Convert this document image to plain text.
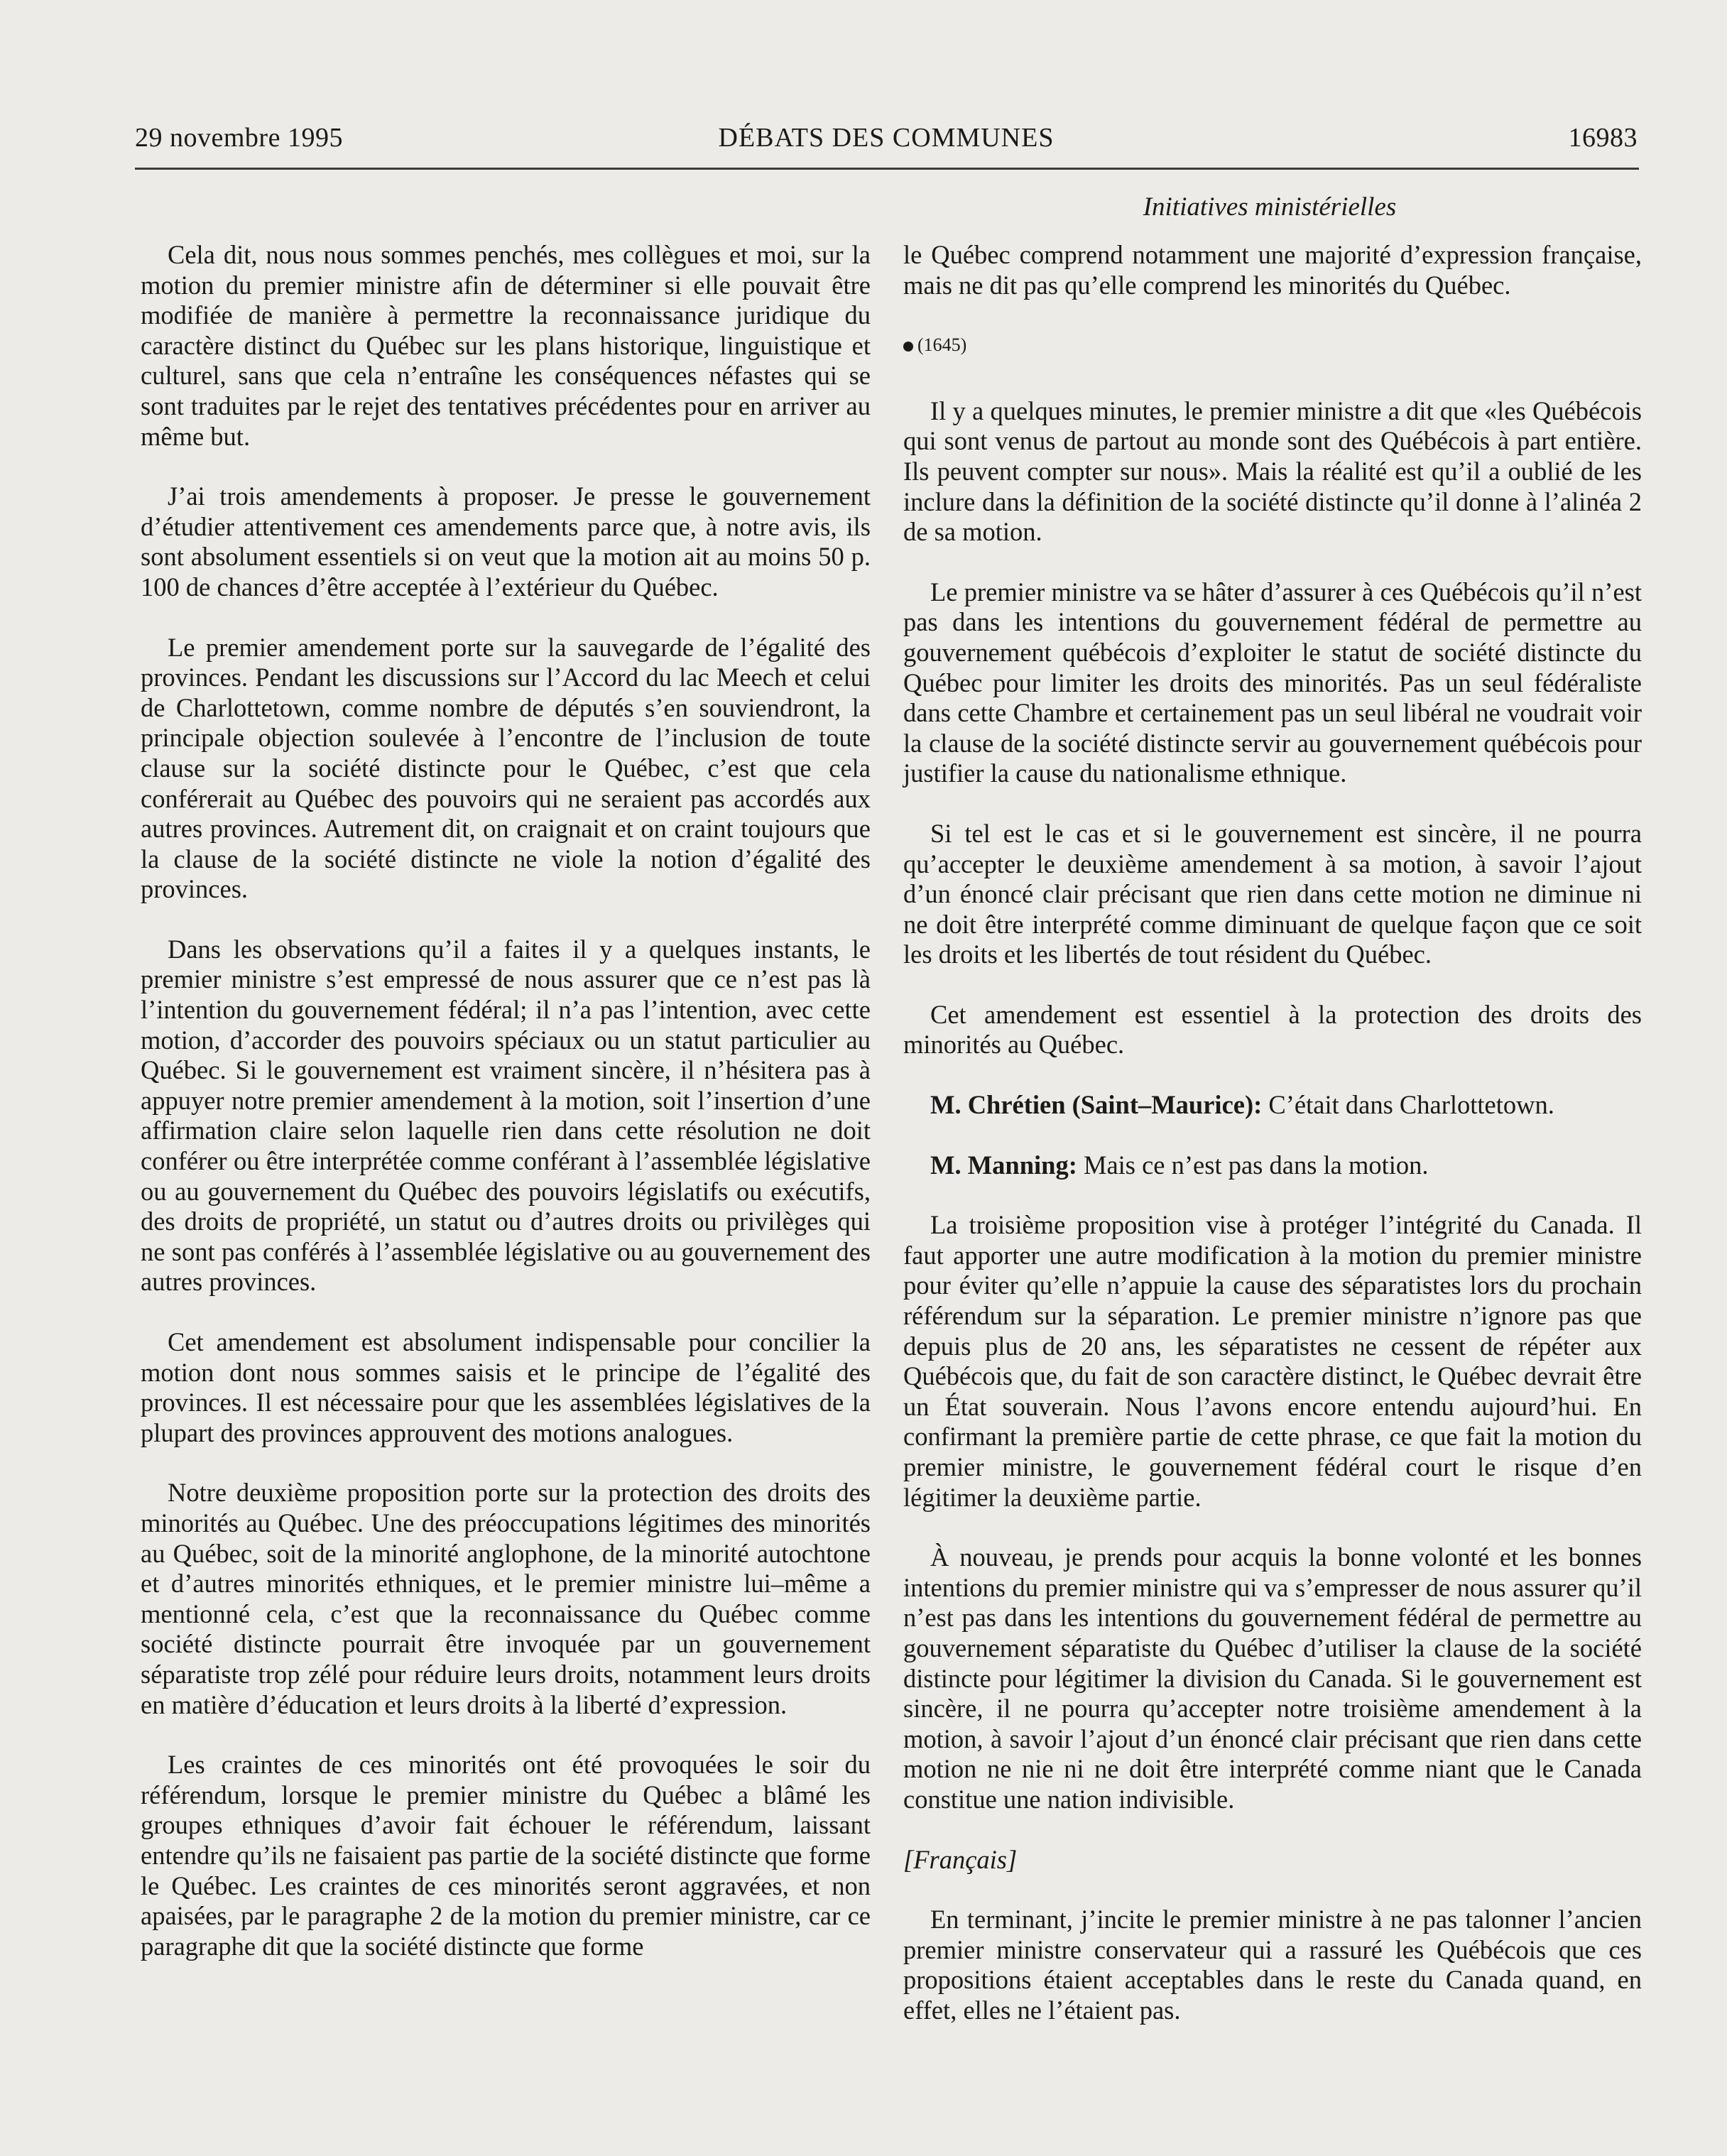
29 novembre 1995	DÉBATS DES COMMUNES	16983
Initiatives ministérielles

Cela dit, nous nous sommes penchés, mes collègues et moi, sur la motion du premier ministre afin de déterminer si elle pouvait être modifiée de manière à permettre la reconnaissance juridique du caractère distinct du Québec sur les plans historique, linguistique et culturel, sans que cela n’entraîne les conséquences néfastes qui se sont traduites par le rejet des tentatives précédentes pour en arriver au même but.

J’ai trois amendements à proposer. Je presse le gouvernement d’étudier attentivement ces amendements parce que, à notre avis, ils sont absolument essentiels si on veut que la motion ait au moins 50 p. 100 de chances d’être acceptée à l’extérieur du Québec.

Le premier amendement porte sur la sauvegarde de l’égalité des provinces. Pendant les discussions sur l’Accord du lac Meech et celui de Charlottetown, comme nombre de députés s’en souviendront, la principale objection soulevée à l’encontre de l’inclusion de toute clause sur la société distincte pour le Québec, c’est que cela conférerait au Québec des pouvoirs qui ne seraient pas accordés aux autres provinces. Autrement dit, on craignait et on craint toujours que la clause de la société distincte ne viole la notion d’égalité des provinces.

Dans les observations qu’il a faites il y a quelques instants, le premier ministre s’est empressé de nous assurer que ce n’est pas là l’intention du gouvernement fédéral; il n’a pas l’intention, avec cette motion, d’accorder des pouvoirs spéciaux ou un statut particulier au Québec. Si le gouvernement est vraiment sincère, il n’hésitera pas à appuyer notre premier amendement à la motion, soit l’insertion d’une affirmation claire selon laquelle rien dans cette résolution ne doit conférer ou être interprétée comme conférant à l’assemblée législative ou au gouvernement du Québec des pouvoirs législatifs ou exécutifs, des droits de propriété, un statut ou d’autres droits ou privilèges qui ne sont pas conférés à l’assemblée législative ou au gouvernement des autres provinces.

Cet amendement est absolument indispensable pour concilier la motion dont nous sommes saisis et le principe de l’égalité des provinces. Il est nécessaire pour que les assemblées législatives de la plupart des provinces approuvent des motions analogues.

Notre deuxième proposition porte sur la protection des droits des minorités au Québec. Une des préoccupations légitimes des minorités au Québec, soit de la minorité anglophone, de la minorité autochtone et d’autres minorités ethniques, et le premier ministre lui–même a mentionné cela, c’est que la reconnaissance du Québec comme société distincte pourrait être invoquée par un gouvernement séparatiste trop zélé pour réduire leurs droits, notamment leurs droits en matière d’éducation et leurs droits à la liberté d’expression.

Les craintes de ces minorités ont été provoquées le soir du référendum, lorsque le premier ministre du Québec a blâmé les groupes ethniques d’avoir fait échouer le référendum, laissant entendre qu’ils ne faisaient pas partie de la société distincte que forme le Québec. Les craintes de ces minorités seront aggravées, et non apaisées, par le paragraphe 2 de la motion du premier ministre, car ce paragraphe dit que la société distincte que forme

le Québec comprend notamment une majorité d’expression française, mais ne dit pas qu’elle comprend les minorités du Québec.

(1645)

Il y a quelques minutes, le premier ministre a dit que «les Québécois qui sont venus de partout au monde sont des Québécois à part entière. Ils peuvent compter sur nous». Mais la réalité est qu’il a oublié de les inclure dans la définition de la société distincte qu’il donne à l’alinéa 2 de sa motion.

Le premier ministre va se hâter d’assurer à ces Québécois qu’il n’est pas dans les intentions du gouvernement fédéral de permettre au gouvernement québécois d’exploiter le statut de société distincte du Québec pour limiter les droits des minorités. Pas un seul fédéraliste dans cette Chambre et certainement pas un seul libéral ne voudrait voir la clause de la société distincte servir au gouvernement québécois pour justifier la cause du nationalisme ethnique.

Si tel est le cas et si le gouvernement est sincère, il ne pourra qu’accepter le deuxième amendement à sa motion, à savoir l’ajout d’un énoncé clair précisant que rien dans cette motion ne diminue ni ne doit être interprété comme diminuant de quelque façon que ce soit les droits et les libertés de tout résident du Québec.

Cet amendement est essentiel à la protection des droits des minorités au Québec.

M. Chrétien (Saint–Maurice): C’était dans Charlottetown.

M. Manning: Mais ce n’est pas dans la motion.

La troisième proposition vise à protéger l’intégrité du Canada. Il faut apporter une autre modification à la motion du premier ministre pour éviter qu’elle n’appuie la cause des séparatistes lors du prochain référendum sur la séparation. Le premier ministre n’ignore pas que depuis plus de 20 ans, les séparatistes ne cessent de répéter aux Québécois que, du fait de son caractère distinct, le Québec devrait être un État souverain. Nous l’avons encore entendu aujourd’hui. En confirmant la première partie de cette phrase, ce que fait la motion du premier ministre, le gouvernement fédéral court le risque d’en légitimer la deuxième partie.

À nouveau, je prends pour acquis la bonne volonté et les bonnes intentions du premier ministre qui va s’empresser de nous assurer qu’il n’est pas dans les intentions du gouvernement fédéral de permettre au gouvernement séparatiste du Québec d’utiliser la clause de la société distincte pour légitimer la division du Canada. Si le gouvernement est sincère, il ne pourra qu’accepter notre troisième amendement à la motion, à savoir l’ajout d’un énoncé clair précisant que rien dans cette motion ne nie ni ne doit être interprété comme niant que le Canada constitue une nation indivisible.

[Français]

En terminant, j’incite le premier ministre à ne pas talonner l’ancien premier ministre conservateur qui a rassuré les Québécois que ces propositions étaient acceptables dans le reste du Canada quand, en effet, elles ne l’étaient pas.
